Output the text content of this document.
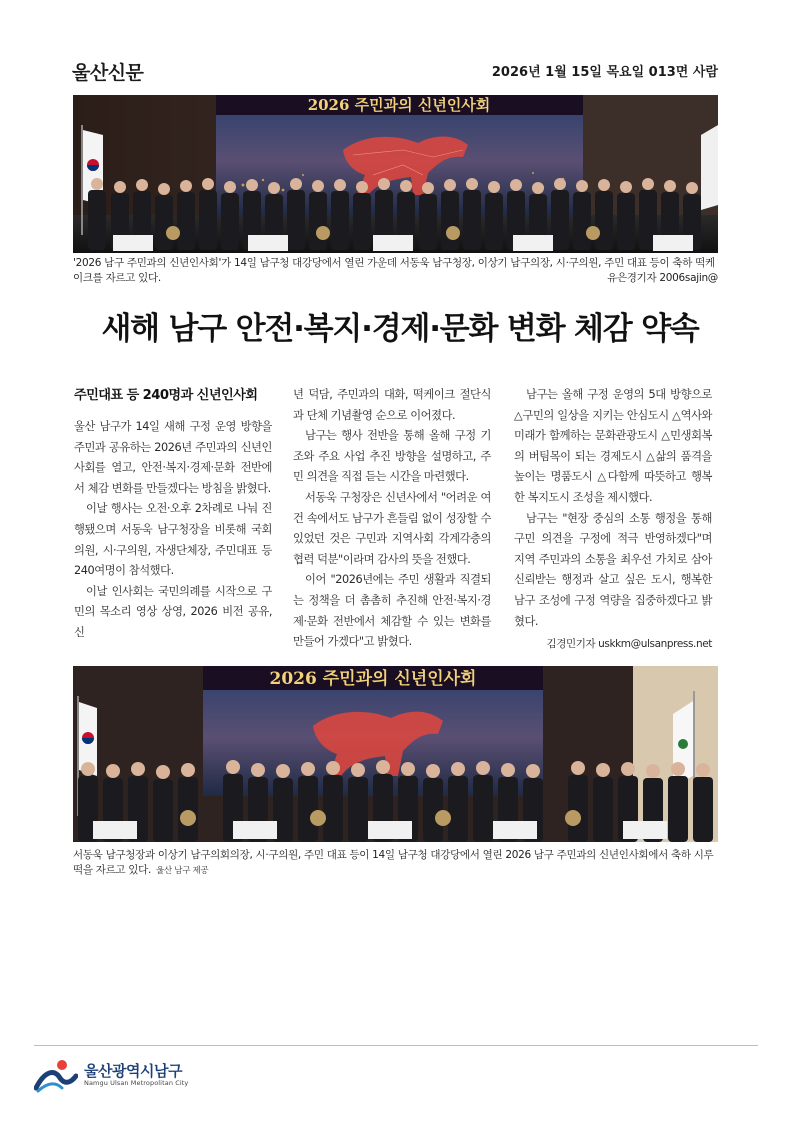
울산신문	2026년 1월 15일 목요일 013면 사람
2026 주민과의 신년인사회
'2026 남구 주민과의 신년인사회'가 14일 남구청 대강당에서 열린 가운데 서동욱 남구청장, 이상기 남구의장, 시·구의원, 주민 대표 등이 축하 떡케이크를 자르고 있다.	유은경기자 2006sajin@
새해 남구 안전·복지·경제·문화 변화 체감 약속
주민대표 등 240명과 신년인사회

울산 남구가 14일 새해 구정 운영 방향을 주민과 공유하는 2026년 주민과의 신년인사회를 열고, 안전·복지·경제·문화 전반에서 체감 변화를 만들겠다는 방침을 밝혔다.

이날 행사는 오전·오후 2차례로 나눠 진행됐으며 서동욱 남구청장을 비롯해 국회의원, 시·구의원, 자생단체장, 주민대표 등 240여명이 참석했다.

이날 인사회는 국민의례를 시작으로 구민의 목소리 영상 상영, 2026 비전 공유, 신

년 덕담, 주민과의 대화, 떡케이크 절단식과 단체 기념촬영 순으로 이어졌다.

남구는 행사 전반을 통해 올해 구정 기조와 주요 사업 추진 방향을 설명하고, 주민 의견을 직접 듣는 시간을 마련했다.

서동욱 구청장은 신년사에서 "어려운 여건 속에서도 남구가 흔들림 없이 성장할 수 있었던 것은 구민과 지역사회 각계각층의 협력 덕분"이라며 감사의 뜻을 전했다.

이어 "2026년에는 주민 생활과 직결되는 정책을 더 촘촘히 추진해 안전·복지·경제·문화 전반에서 체감할 수 있는 변화를 만들어 가겠다"고 밝혔다.

남구는 올해 구정 운영의 5대 방향으로 △구민의 일상을 지키는 안심도시 △역사와 미래가 함께하는 문화관광도시 △민생회복의 버팀목이 되는 경제도시 △삶의 품격을 높이는 명품도시 △다함께 따뜻하고 행복한 복지도시 조성을 제시했다.

남구는 "현장 중심의 소통 행정을 통해 구민 의견을 구정에 적극 반영하겠다"며 지역 주민과의 소통을 최우선 가치로 삼아 신뢰받는 행정과 살고 싶은 도시, 행복한 남구 조성에 구정 역량을 집중하겠다고 밝혔다.

김경민기자 uskkm@ulsanpress.net
2026 주민과의 신년인사회
서동욱 남구청장과 이상기 남구의회의장, 시·구의원, 주민 대표 등이 14일 남구청 대강당에서 열린 2026 남구 주민과의 신년인사회에서 축하 시루떡을 자르고 있다. 울산 남구 제공
울산광역시남구
Namgu Ulsan Metropolitan City
